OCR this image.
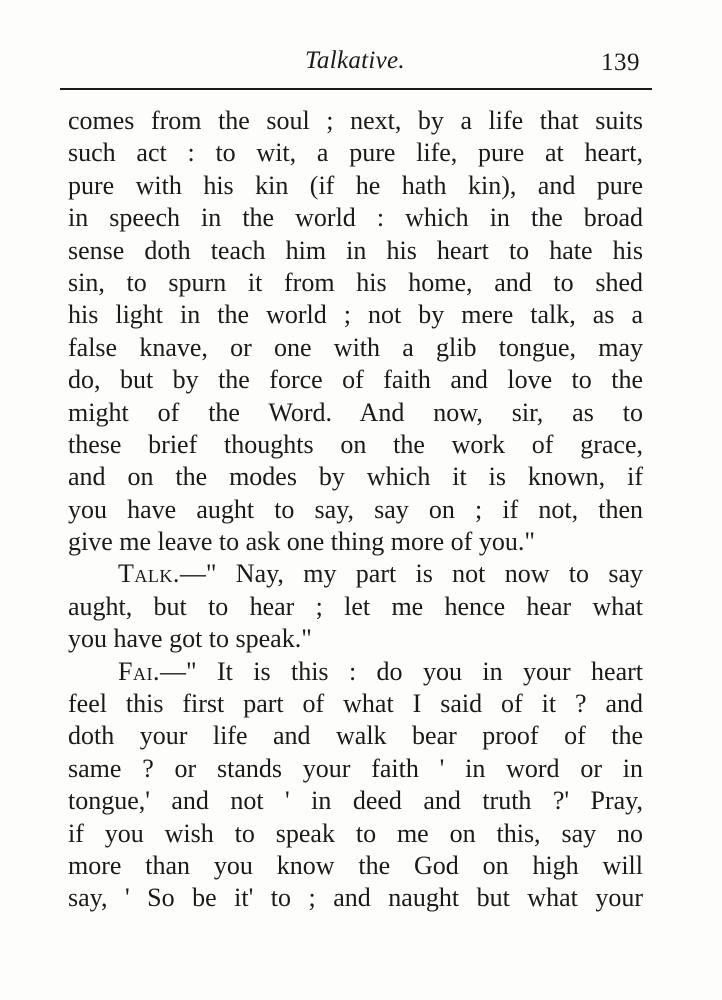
Talkative.	139
comes from the soul ; next, by a life that suits
such act : to wit, a pure life, pure at heart,
pure with his kin (if he hath kin), and pure
in speech in the world : which in the broad
sense doth teach him in his heart to hate his
sin, to spurn it from his home, and to shed
his light in the world ; not by mere talk, as a
false knave, or one with a glib tongue, may
do, but by the force of faith and love to the
might of the Word. And now, sir, as to
these brief thoughts on the work of grace,
and on the modes by which it is known, if
you have aught to say, say on ; if not, then
give me leave to ask one thing more of you."
Talk.—" Nay, my part is not now to say
aught, but to hear ; let me hence hear what
you have got to speak."
Fai.—" It is this : do you in your heart
feel this first part of what I said of it ? and
doth your life and walk bear proof of the
same ? or stands your faith ' in word or in
tongue,' and not ' in deed and truth ?' Pray,
if you wish to speak to me on this, say no
more than you know the God on high will
say, ' So be it' to ; and naught but what your
